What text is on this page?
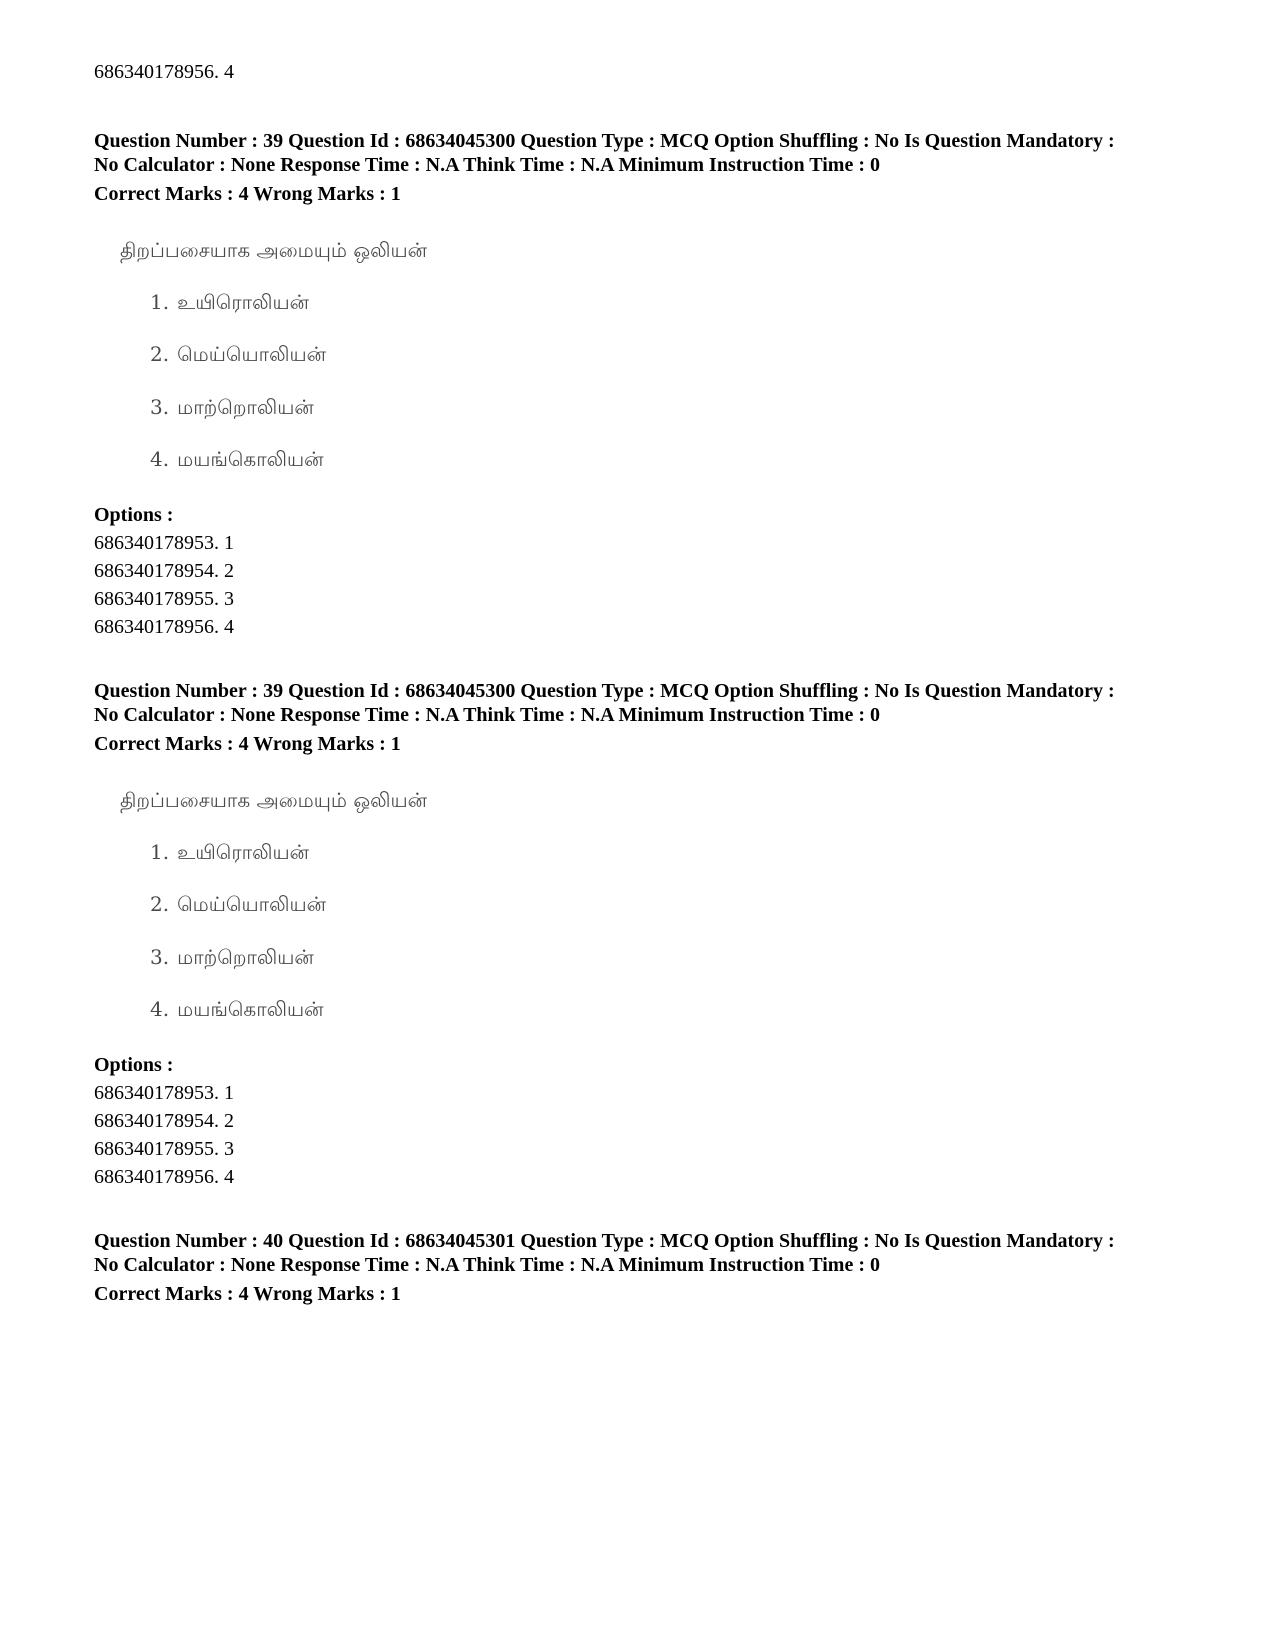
686340178956. 4
Question Number : 39 Question Id : 68634045300 Question Type : MCQ Option Shuffling : No Is Question Mandatory :
No Calculator : None Response Time : N.A Think Time : N.A Minimum Instruction Time : 0
Correct Marks : 4 Wrong Marks : 1
திறப்பசையாக அமையும் ஒலியன்
1. உயிரொலியன்
2. மெய்யொலியன்
3. மாற்றொலியன்
4. மயங்கொலியன்
Options :
686340178953. 1
686340178954. 2
686340178955. 3
686340178956. 4
Question Number : 39 Question Id : 68634045300 Question Type : MCQ Option Shuffling : No Is Question Mandatory :
No Calculator : None Response Time : N.A Think Time : N.A Minimum Instruction Time : 0
Correct Marks : 4 Wrong Marks : 1
திறப்பசையாக அமையும் ஒலியன்
1. உயிரொலியன்
2. மெய்யொலியன்
3. மாற்றொலியன்
4. மயங்கொலியன்
Options :
686340178953. 1
686340178954. 2
686340178955. 3
686340178956. 4
Question Number : 40 Question Id : 68634045301 Question Type : MCQ Option Shuffling : No Is Question Mandatory :
No Calculator : None Response Time : N.A Think Time : N.A Minimum Instruction Time : 0
Correct Marks : 4 Wrong Marks : 1
